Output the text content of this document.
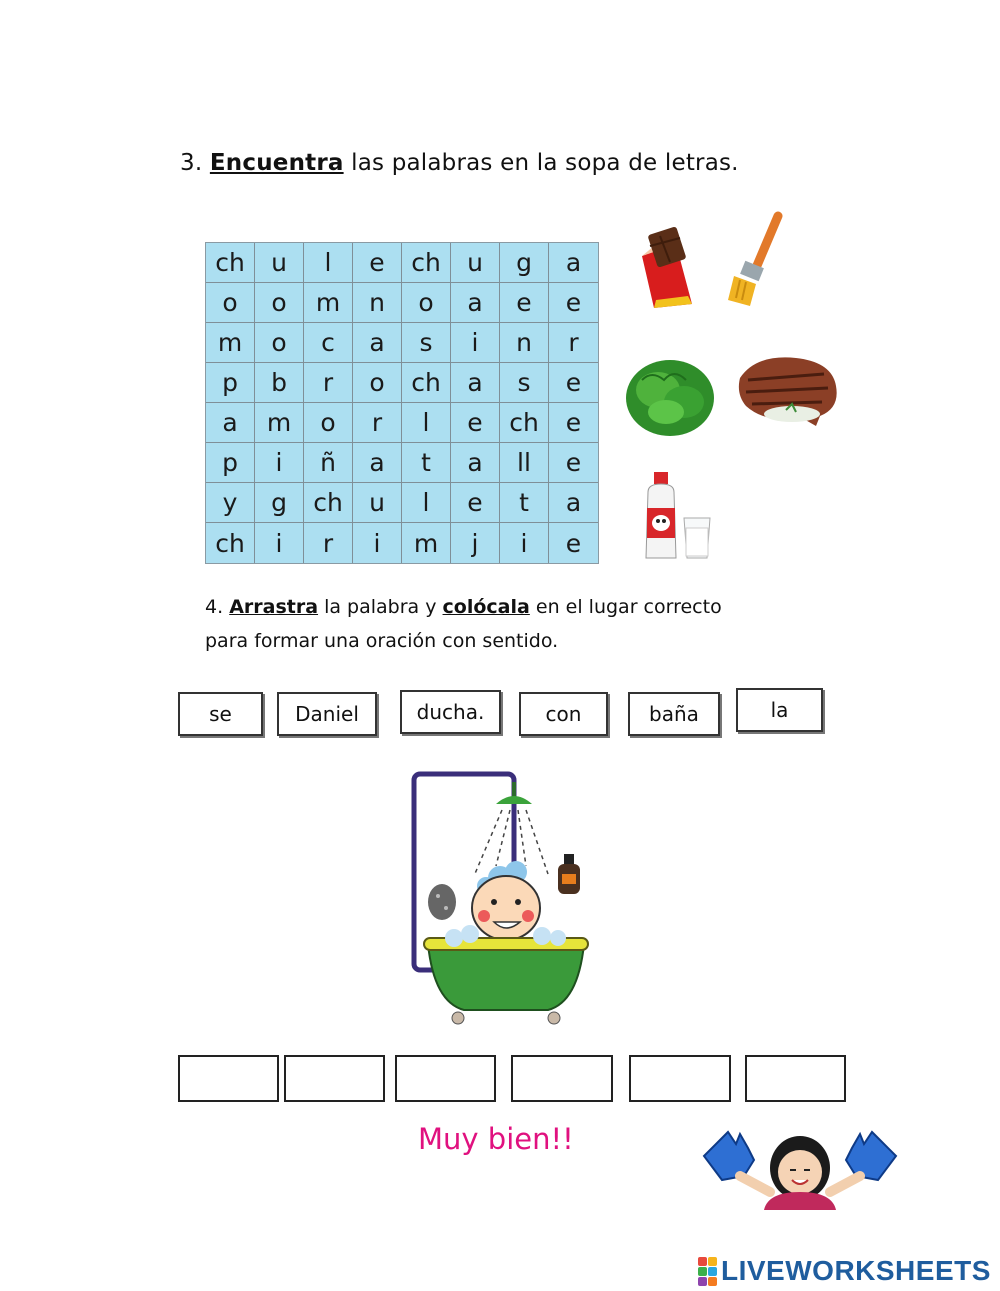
3. Encuentra las palabras en la sopa de letras.
ch	u	l	e	ch	u	g	a
o	o	m	n	o	a	e	e
m	o	c	a	s	i	n	r
p	b	r	o	ch	a	s	e
a	m	o	r	l	e	ch	e
p	i	ñ	a	t	a	ll	e
y	g	ch	u	l	e	t	a
ch	i	r	i	m	j	i	e
4. Arrastra la palabra y colócala en el lugar correcto
para formar una oración con sentido.
se	Daniel	ducha.	con	baña	la
Muy bien!!
LIVEWORKSHEETS
